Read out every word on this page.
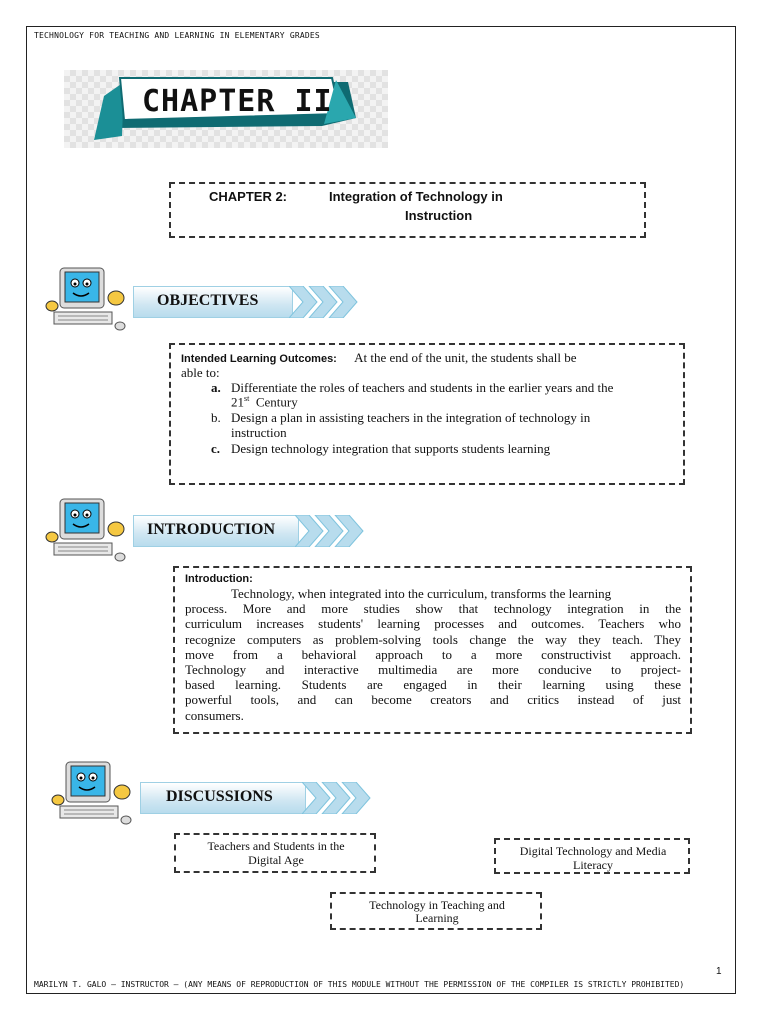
TECHNOLOGY FOR TEACHING AND LEARNING IN ELEMENTARY GRADES
CHAPTER II
CHAPTER 2:	Integration of Technology in
Instruction
OBJECTIVES
Intended Learning Outcomes: At the end of the unit, the students shall be
able to:
a. Differentiate the roles of teachers and students in the earlier years and the
21st Century
b. Design a plan in assisting teachers in the integration of technology in
instruction
c. Design technology integration that supports students learning
INTRODUCTION
Introduction:
Technology, when integrated into the curriculum, transforms the learning
process. More and more studies show that technology integration in the
curriculum increases students' learning processes and outcomes. Teachers who
recognize computers as problem-solving tools change the way they teach. They
move from a behavioral approach to a more constructivist approach.
Technology and interactive multimedia are more conducive to project-
based learning. Students are engaged in their learning using these
powerful tools, and can become creators and critics instead of just
consumers.
DISCUSSIONS
Teachers and Students in the
Digital Age
Digital Technology and Media
Literacy
Technology in Teaching and
Learning
1
MARILYN T. GALO – INSTRUCTOR – (ANY MEANS OF REPRODUCTION OF THIS MODULE WITHOUT THE PERMISSION OF THE COMPILER IS STRICTLY PROHIBITED)
